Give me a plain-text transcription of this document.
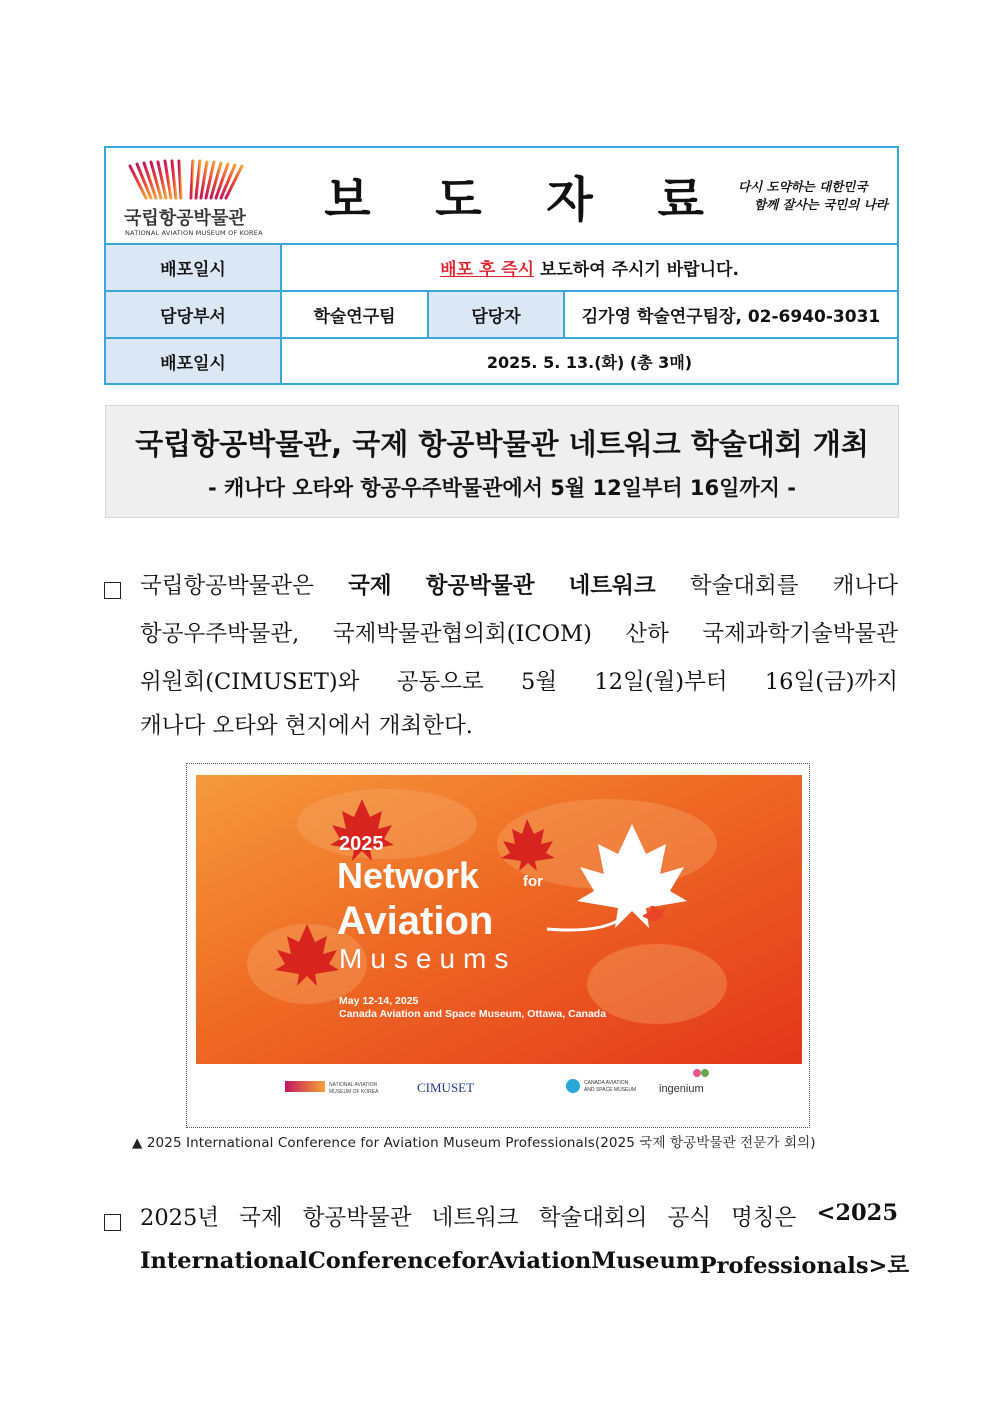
국립항공박물관
NATIONAL AVIATION MUSEUM OF KOREA
보 도 자 료 다시 도약하는 대한민국
함께 잘사는 국민의 나라
배포일시	배포 후 즉시 보도하여 주시기 바랍니다.
담당부서	학술연구팀	담당자	김가영 학술연구팀장, 02-6940-3031
배포일시	2025. 5. 13.(화) (총 3매)
국립항공박물관, 국제 항공박물관 네트워크 학술대회 개최
- 캐나다 오타와 항공우주박물관에서 5월 12일부터 16일까지 -
국립항공박물관은 국제 항공박물관 네트워크 학술대회를 캐나다
항공우주박물관, 국제박물관협의회(ICOM) 산하 국제과학기술박물관
위원회(CIMUSET)와 공동으로 5월 12일(월)부터 16일(금)까지
캐나다 오타와 현지에서 개최한다.
2025
Network	for
Aviation
Museums
May 12-14, 2025
Canada Aviation and Space Museum, Ottawa, Canada
NATIONAL AVIATION
MUSEUM OF KOREA	CIMUSET	CANADA AVIATION
AND SPACE MUSEUM ingenium
▲ 2025 International Conference for Aviation Museum Professionals(2025 국제 항공박물관 전문가 회의)
2025년 국제 항공박물관 네트워크 학술대회의 공식 명칭은 <2025
International Conference for Aviation Museum Professionals>로
